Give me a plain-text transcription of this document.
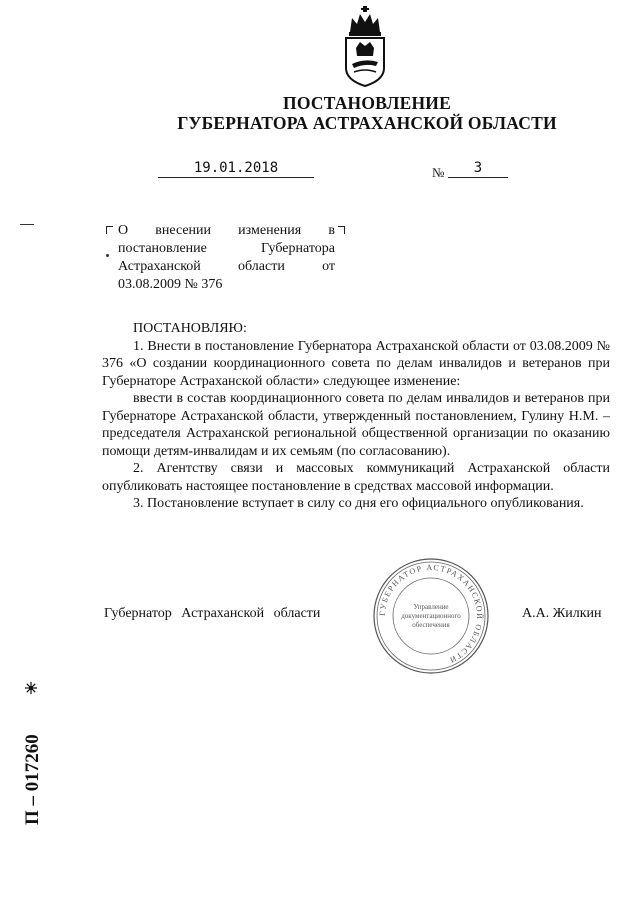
ПОСТАНОВЛЕНИЕ
ГУБЕРНАТОРА АСТРАХАНСКОЙ ОБЛАСТИ
19.01.2018	№	3
О внесении изменения в
постановление Губернатора
Астраханской области от
03.08.2009 № 376

ПОСТАНОВЛЯЮ:

1. Внести в постановление Губернатора Астраханской области от 03.08.2009 № 376 «О создании координационного совета по делам инвалидов и ветеранов при Губернаторе Астраханской области» следующее изменение:

ввести в состав координационного совета по делам инвалидов и ветеранов при Губернаторе Астраханской области, утвержденный постановлением, Гулину Н.М. – председателя Астраханской региональной общественной организации по оказанию помощи детям-инвалидам и их семьям (по согласованию).

2. Агентству связи и массовых коммуникаций Астраханской области опубликовать настоящее постановление в средствах массовой информации.

3. Постановление вступает в силу со дня его официального опубликования.

Губернатор Астраханской области	А.А. Жилкин
ГУБЕРНАТОР АСТРАХАНСКОЙ ОБЛАСТИ
Управление
документационного
обеспечения
П – 017260
